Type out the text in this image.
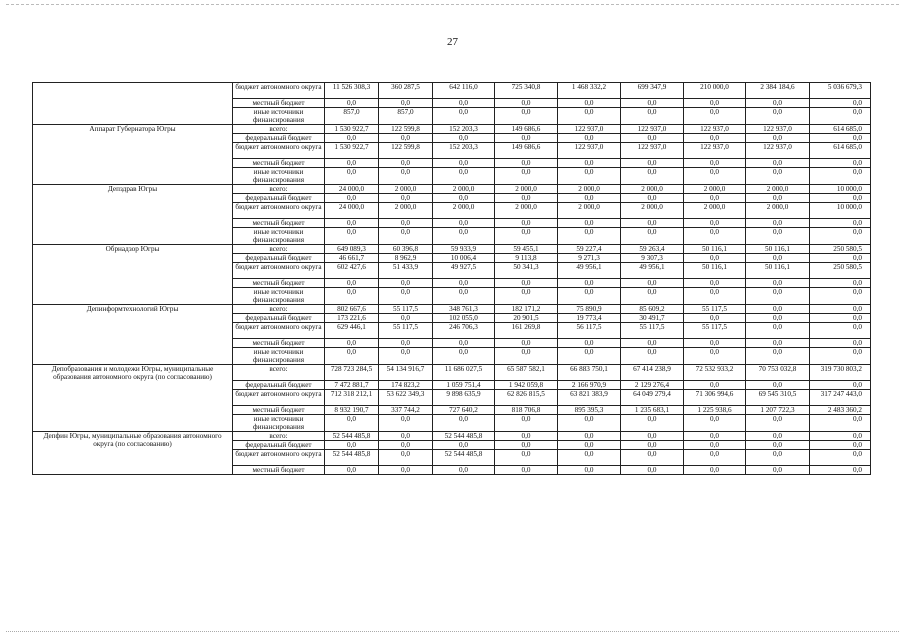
27
	бюджет автономного округа	11 526 308,3	360 287,5	642 116,0	725 340,8	1 468 332,2	699 347,9	210 000,0	2 384 184,6	5 036 679,3
	местный бюджет	0,0	0,0	0,0	0,0	0,0	0,0	0,0	0,0	0,0
	иные источники финансирования	857,0	857,0	0,0	0,0	0,0	0,0	0,0	0,0	0,0
Аппарат Губернатора Югры	всего:	1 530 922,7	122 599,8	152 203,3	149 686,6	122 937,0	122 937,0	122 937,0	122 937,0	614 685,0
	федеральный бюджет	0,0	0,0	0,0	0,0	0,0	0,0	0,0	0,0	0,0
	бюджет автономного округа	1 530 922,7	122 599,8	152 203,3	149 686,6	122 937,0	122 937,0	122 937,0	122 937,0	614 685,0
	местный бюджет	0,0	0,0	0,0	0,0	0,0	0,0	0,0	0,0	0,0
	иные источники финансирования	0,0	0,0	0,0	0,0	0,0	0,0	0,0	0,0	0,0
Депздрав Югры	всего:	24 000,0	2 000,0	2 000,0	2 000,0	2 000,0	2 000,0	2 000,0	2 000,0	10 000,0
	федеральный бюджет	0,0	0,0	0,0	0,0	0,0	0,0	0,0	0,0	0,0
	бюджет автономного округа	24 000,0	2 000,0	2 000,0	2 000,0	2 000,0	2 000,0	2 000,0	2 000,0	10 000,0
	местный бюджет	0,0	0,0	0,0	0,0	0,0	0,0	0,0	0,0	0,0
	иные источники финансирования	0,0	0,0	0,0	0,0	0,0	0,0	0,0	0,0	0,0
Обрнадзор Югры	всего:	649 089,3	60 396,8	59 933,9	59 455,1	59 227,4	59 263,4	50 116,1	50 116,1	250 580,5
	федеральный бюджет	46 661,7	8 962,9	10 006,4	9 113,8	9 271,3	9 307,3	0,0	0,0	0,0
	бюджет автономного округа	602 427,6	51 433,9	49 927,5	50 341,3	49 956,1	49 956,1	50 116,1	50 116,1	250 580,5
	местный бюджет	0,0	0,0	0,0	0,0	0,0	0,0	0,0	0,0	0,0
	иные источники финансирования	0,0	0,0	0,0	0,0	0,0	0,0	0,0	0,0	0,0
Депинформтехнологий Югры	всего:	802 667,6	55 117,5	348 761,3	182 171,2	75 890,9	85 609,2	55 117,5	0,0	0,0
	федеральный бюджет	173 221,6	0,0	102 055,0	20 901,5	19 773,4	30 491,7	0,0	0,0	0,0
	бюджет автономного округа	629 446,1	55 117,5	246 706,3	161 269,8	56 117,5	55 117,5	55 117,5	0,0	0,0
	местный бюджет	0,0	0,0	0,0	0,0	0,0	0,0	0,0	0,0	0,0
	иные источники финансирования	0,0	0,0	0,0	0,0	0,0	0,0	0,0	0,0	0,0
Депобразования и молодежи Югры, муниципальные образования автономного округа (по согласованию)	всего:	728 723 284,5	54 134 916,7	11 686 027,5	65 587 582,1	66 883 750,1	67 414 238,9	72 532 933,2	70 753 032,8	319 730 803,2
	федеральный бюджет	7 472 881,7	174 823,2	1 059 751,4	1 942 059,8	2 166 970,9	2 129 276,4	0,0	0,0	0,0
	бюджет автономного округа	712 318 212,1	53 622 349,3	9 898 635,9	62 826 815,5	63 821 383,9	64 049 279,4	71 306 994,6	69 545 310,5	317 247 443,0
	местный бюджет	8 932 190,7	337 744,2	727 640,2	818 706,8	895 395,3	1 235 683,1	1 225 938,6	1 207 722,3	2 483 360,2
	иные источники финансирования	0,0	0,0	0,0	0,0	0,0	0,0	0,0	0,0	0,0
Депфин Югры, муниципальные образования автономного округа (по согласованию)	всего:	52 544 485,8	0,0	52 544 485,8	0,0	0,0	0,0	0,0	0,0	0,0
	федеральный бюджет	0,0	0,0	0,0	0,0	0,0	0,0	0,0	0,0	0,0
	бюджет автономного округа	52 544 485,8	0,0	52 544 485,8	0,0	0,0	0,0	0,0	0,0	0,0
	местный бюджет	0,0	0,0	0,0	0,0	0,0	0,0	0,0	0,0	0,0
